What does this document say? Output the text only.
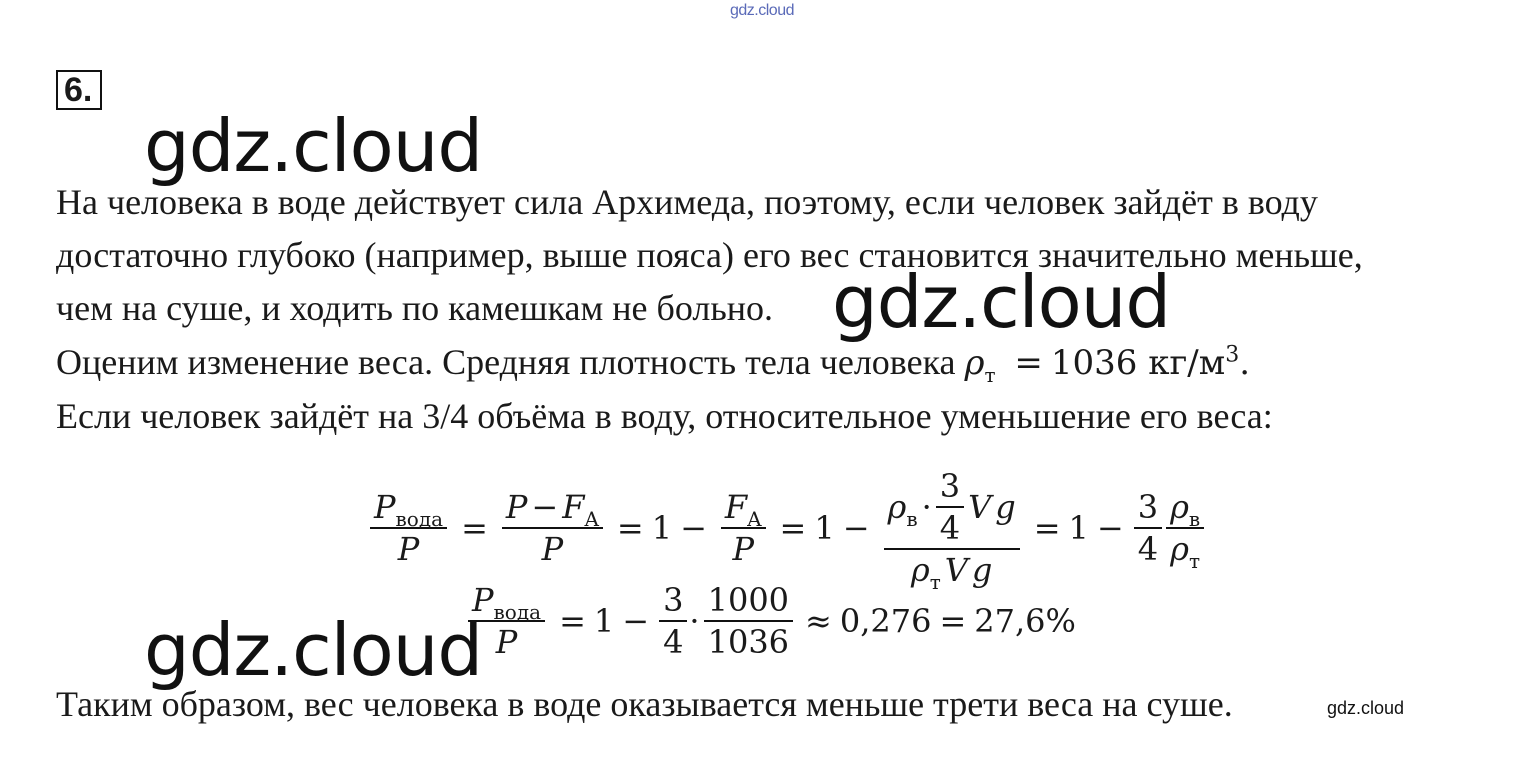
gdz.cloud
6.
gdz.cloud
На человека в воде действует сила Архимеда, поэтому, если человек зайдёт в воду
достаточно глубоко (например, выше пояса) его вес становится значительно меньше,
чем на суше, и ходить по камешкам не больно. gdz.cloud
Оценим изменение веса. Средняя плотность тела человека $\rho_т = 1036$ $кг/м^3$.
Если человек зайдёт на 3/4 объёма в воду, относительное уменьшение его веса:
$\frac{P_{вода}}{P} = \frac{P - F_A}{P} = 1 - \frac{F_A}{P} = 1$ −
$\rho_в \cdot \frac{3}{4}$ V g
$\rho_т$ V g
= $1 - \frac{3}{4} \frac{\rho_в}{\rho_т}$
$\frac{P_{вода}}{P} = 1 - \frac{3}{4} \cdot \frac{1000}{1036} \approx 0,276 = 27,6\%$
gdz.cloud
Таким образом, вес человека в воде оказывается меньше трети веса на суше.	gdz.cloud
